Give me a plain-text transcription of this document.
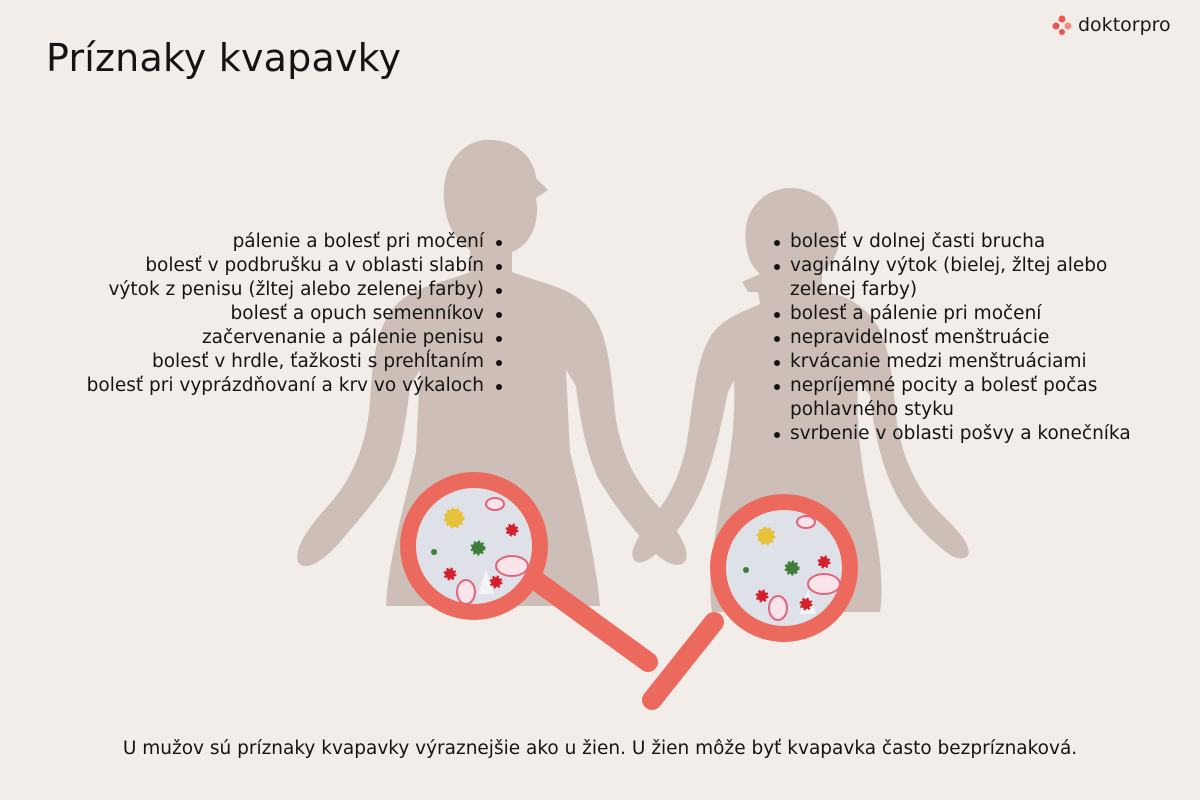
Príznaky kvapavky
doktorpro
pálenie a bolesť pri močení
bolesť v podbrušku a v oblasti slabín
výtok z penisu (žltej alebo zelenej farby)
bolesť a opuch semenníkov
začervenanie a pálenie penisu
bolesť v hrdle, ťažkosti s prehĺtaním
bolesť pri vyprázdňovaní a krv vo výkaloch
bolesť v dolnej časti brucha
vaginálny výtok (bielej, žltej alebo zelenej farby)
bolesť a pálenie pri močení
nepravidelnosť menštruácie
krvácanie medzi menštruáciami
nepríjemné pocity a bolesť počas pohlavného styku
svrbenie v oblasti pošvy a konečníka

U mužov sú príznaky kvapavky výraznejšie ako u žien. U žien môže byť kvapavka často bezpríznaková.
